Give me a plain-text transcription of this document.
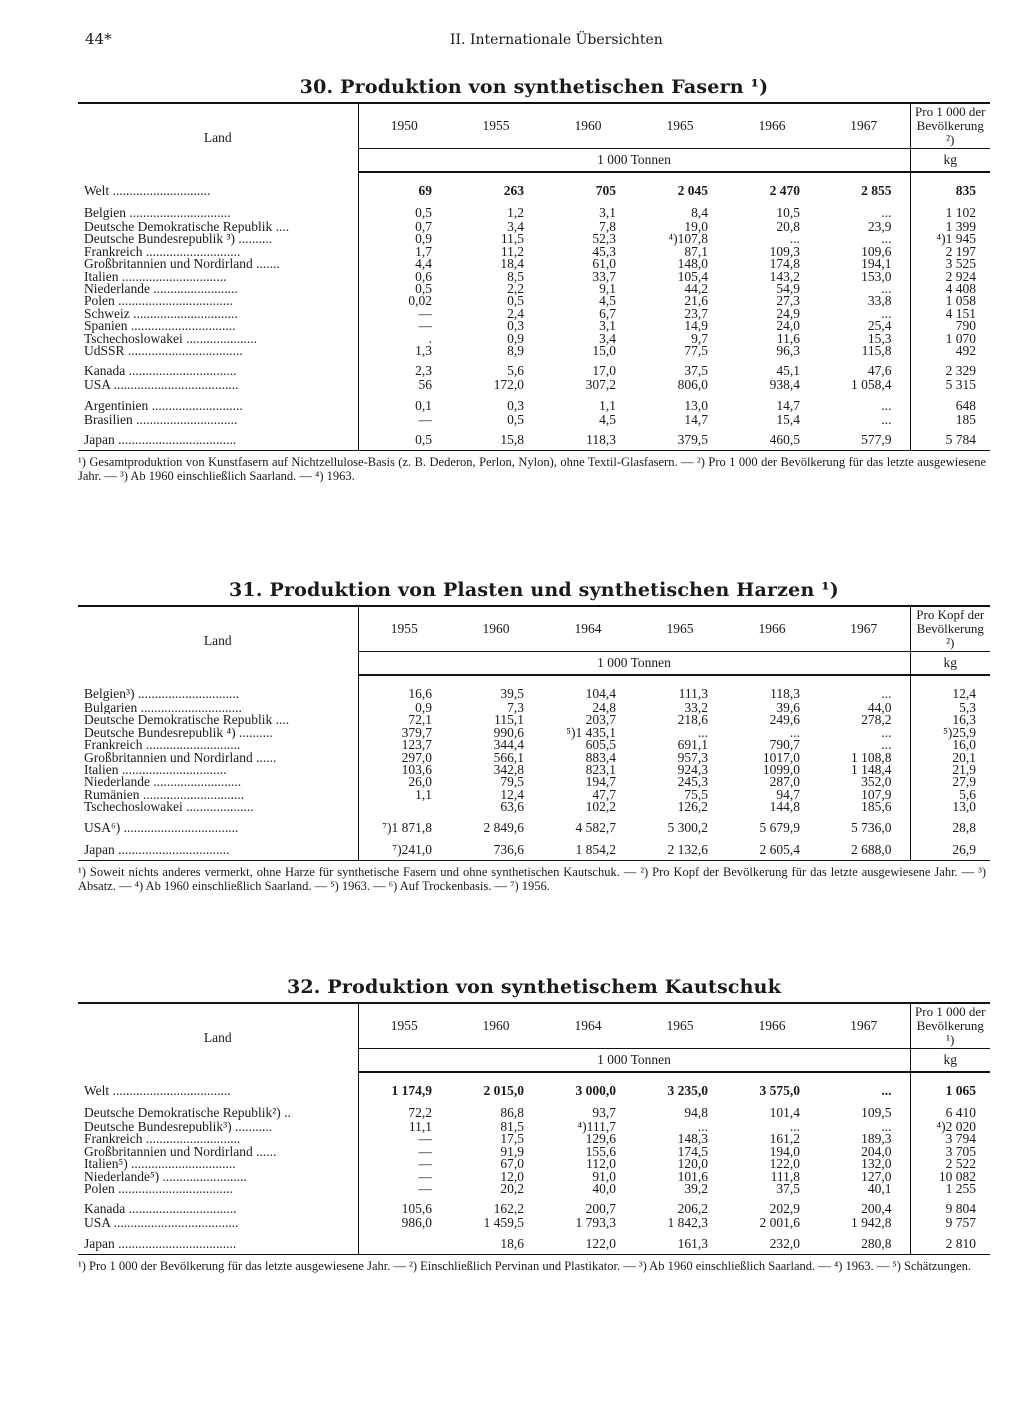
44*	II. Internationale Übersichten
30. Produktion von synthetischen Fasern ¹)
Land	1950	1955	1960	1965	1966	1967	Pro 1 000 der Bevölkerung ²)
	1 000 Tonnen						kg
Welt .............................	69	263	705	2 045	2 470	2 855	835
Belgien ..............................	0,5	1,2	3,1	8,4	10,5	...	1 102
Deutsche Demokratische Republik ....	0,7	3,4	7,8	19,0	20,8	23,9	1 399
Deutsche Bundesrepublik ³) ..........	0,9	11,5	52,3	⁴)107,8	...	...	⁴)1 945
Frankreich ............................	1,7	11,2	45,3	87,1	109,3	109,6	2 197
Großbritannien und Nordirland .......	4,4	18,4	61,0	148,0	174,8	194,1	3 525
Italien ...............................	0,6	8,5	33,7	105,4	143,2	153,0	2 924
Niederlande .........................	0,5	2,2	9,1	44,2	54,9	...	4 408
Polen ..................................	0,02	0,5	4,5	21,6	27,3	33,8	1 058
Schweiz ...............................	—	2,4	6,7	23,7	24,9	...	4 151
Spanien ...............................	—	0,3	3,1	14,9	24,0	25,4	790
Tschechoslowakei .....................	.	0,9	3,4	9,7	11,6	15,3	1 070
UdSSR ..................................	1,3	8,9	15,0	77,5	96,3	115,8	492
Kanada ................................	2,3	5,6	17,0	37,5	45,1	47,6	2 329
USA .....................................	56	172,0	307,2	806,0	938,4	1 058,4	5 315
Argentinien ...........................	0,1	0,3	1,1	13,0	14,7	...	648
Brasilien ..............................	—	0,5	4,5	14,7	15,4	...	185
Japan ...................................	0,5	15,8	118,3	379,5	460,5	577,9	5 784
¹) Gesamtproduktion von Kunstfasern auf Nichtzellulose-Basis (z. B. Dederon, Perlon, Nylon), ohne Textil-Glasfasern. — ²) Pro 1 000 der Bevölkerung für das letzte ausgewiesene Jahr. — ³) Ab 1960 einschließlich Saarland. — ⁴) 1963.
31. Produktion von Plasten und synthetischen Harzen ¹)
Land	1955	1960	1964	1965	1966	1967	Pro Kopf der Bevölkerung ²)
	1 000 Tonnen						kg
Belgien³) ..............................	16,6	39,5	104,4	111,3	118,3	...	12,4
Bulgarien ..............................	0,9	7,3	24,8	33,2	39,6	44,0	5,3
Deutsche Demokratische Republik ....	72,1	115,1	203,7	218,6	249,6	278,2	16,3
Deutsche Bundesrepublik ⁴) ..........	379,7	990,6	⁵)1 435,1	...	...	...	⁵)25,9
Frankreich ............................	123,7	344,4	605,5	691,1	790,7	...	16,0
Großbritannien und Nordirland ......	297,0	566,1	883,4	957,3	1017,0	1 108,8	20,1
Italien ...............................	103,6	342,8	823,1	924,3	1099,0	1 148,4	21,9
Niederlande ..........................	26,0	79,5	194,7	245,3	287,0	352,0	27,9
Rumänien ..............................	1,1	12,4	47,7	75,5	94,7	107,9	5,6
Tschechoslowakei ....................		63,6	102,2	126,2	144,8	185,6	13,0
USA⁶) ..................................	⁷)1 871,8	2 849,6	4 582,7	5 300,2	5 679,9	5 736,0	28,8
Japan .................................	⁷)241,0	736,6	1 854,2	2 132,6	2 605,4	2 688,0	26,9
¹) Soweit nichts anderes vermerkt, ohne Harze für synthetische Fasern und ohne synthetischen Kautschuk. — ²) Pro Kopf der Bevölkerung für das letzte ausgewiesene Jahr. — ³) Absatz. — ⁴) Ab 1960 einschließlich Saarland. — ⁵) 1963. — ⁶) Auf Trockenbasis. — ⁷) 1956.
32. Produktion von synthetischem Kautschuk
Land	1955	1960	1964	1965	1966	1967	Pro 1 000 der Bevölkerung ¹)
	1 000 Tonnen						kg
Welt ...................................	1 174,9	2 015,0	3 000,0	3 235,0	3 575,0	...	1 065
Deutsche Demokratische Republik²) ..	72,2	86,8	93,7	94,8	101,4	109,5	6 410
Deutsche Bundesrepublik³) ...........	11,1	81,5	⁴)111,7	...	...	...	⁴)2 020
Frankreich ............................	—	17,5	129,6	148,3	161,2	189,3	3 794
Großbritannien und Nordirland ......	—	91,9	155,6	174,5	194,0	204,0	3 705
Italien⁵) ...............................	—	67,0	112,0	120,0	122,0	132,0	2 522
Niederlande⁵) .........................	—	12,0	91,0	101,6	111,8	127,0	10 082
Polen ..................................	—	20,2	40,0	39,2	37,5	40,1	1 255
Kanada ................................	105,6	162,2	200,7	206,2	202,9	200,4	9 804
USA .....................................	986,0	1 459,5	1 793,3	1 842,3	2 001,6	1 942,8	9 757
Japan ...................................		18,6	122,0	161,3	232,0	280,8	2 810
¹) Pro 1 000 der Bevölkerung für das letzte ausgewiesene Jahr. — ²) Einschließlich Pervinan und Plastikator. — ³) Ab 1960 einschließlich Saarland. — ⁴) 1963. — ⁵) Schätzungen.
